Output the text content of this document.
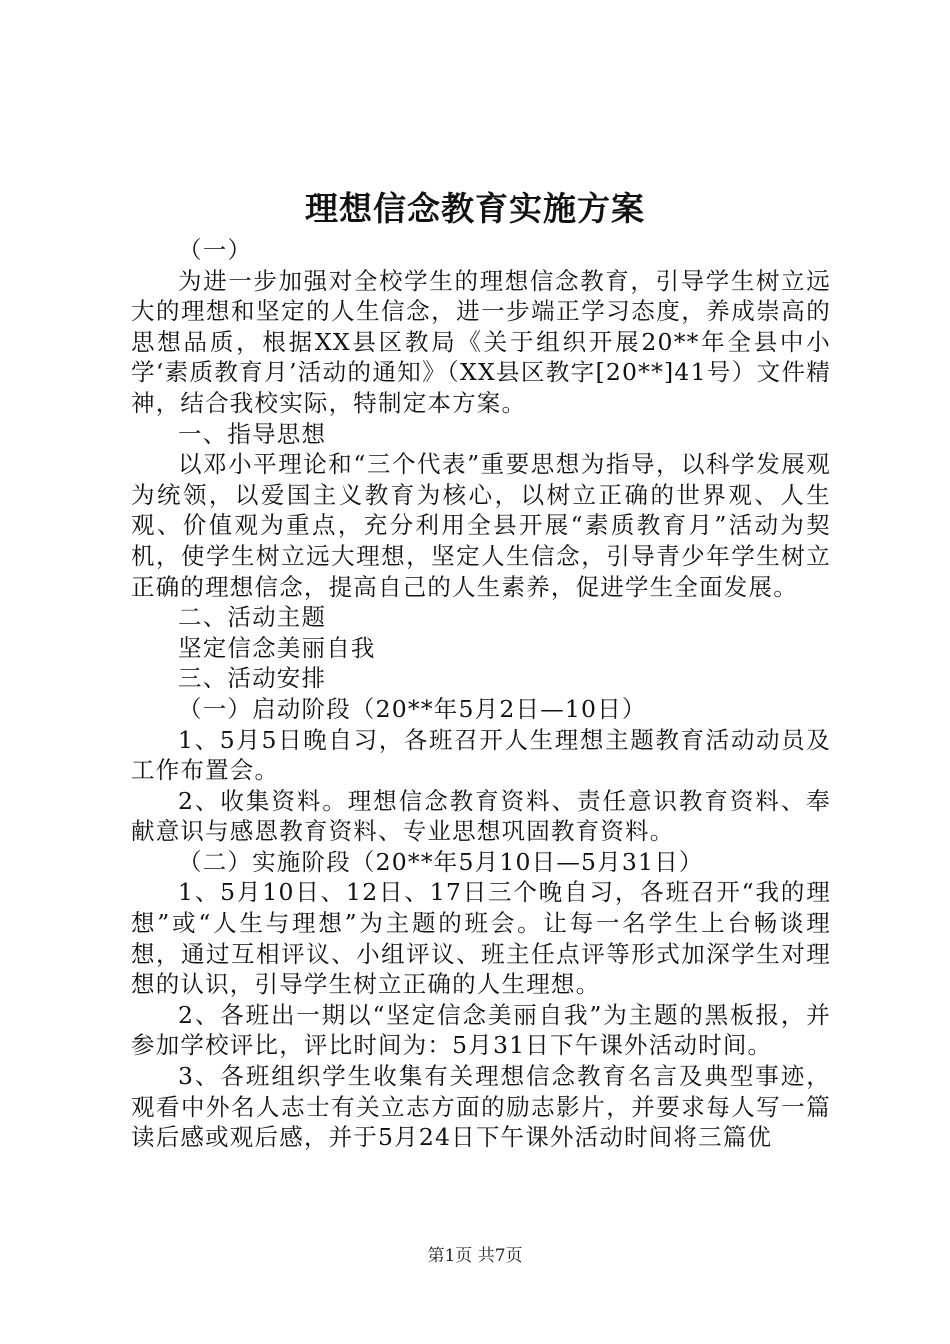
理想信念教育实施方案

（一）

为进一步加强对全校学生的理想信念教育，引导学生树立远大的理想和坚定的人生信念，进一步端正学习态度，养成崇高的思想品质，根据XX县区教局《关于组织开展20**年全县中小学‘素质教育月’活动的通知》（XX县区教字[20**]41号）文件精神，结合我校实际，特制定本方案。

一、指导思想

以邓小平理论和“三个代表”重要思想为指导，以科学发展观为统领，以爱国主义教育为核心，以树立正确的世界观、人生观、价值观为重点，充分利用全县开展“素质教育月”活动为契机，使学生树立远大理想，坚定人生信念，引导青少年学生树立正确的理想信念，提高自己的人生素养，促进学生全面发展。

二、活动主题

坚定信念美丽自我

三、活动安排

（一）启动阶段（20**年5月2日—10日）

1、5月5日晚自习，各班召开人生理想主题教育活动动员及工作布置会。

2、收集资料。理想信念教育资料、责任意识教育资料、奉献意识与感恩教育资料、专业思想巩固教育资料。

（二）实施阶段（20**年5月10日—5月31日）

1、5月10日、12日、17日三个晚自习，各班召开“我的理想”或“人生与理想”为主题的班会。让每一名学生上台畅谈理想，通过互相评议、小组评议、班主任点评等形式加深学生对理想的认识，引导学生树立正确的人生理想。

2、各班出一期以“坚定信念美丽自我”为主题的黑板报，并参加学校评比，评比时间为：5月31日下午课外活动时间。

3、各班组织学生收集有关理想信念教育名言及典型事迹，观看中外名人志士有关立志方面的励志影片，并要求每人写一篇读后感或观后感，并于5月24日下午课外活动时间将三篇优

第1页 共7页
